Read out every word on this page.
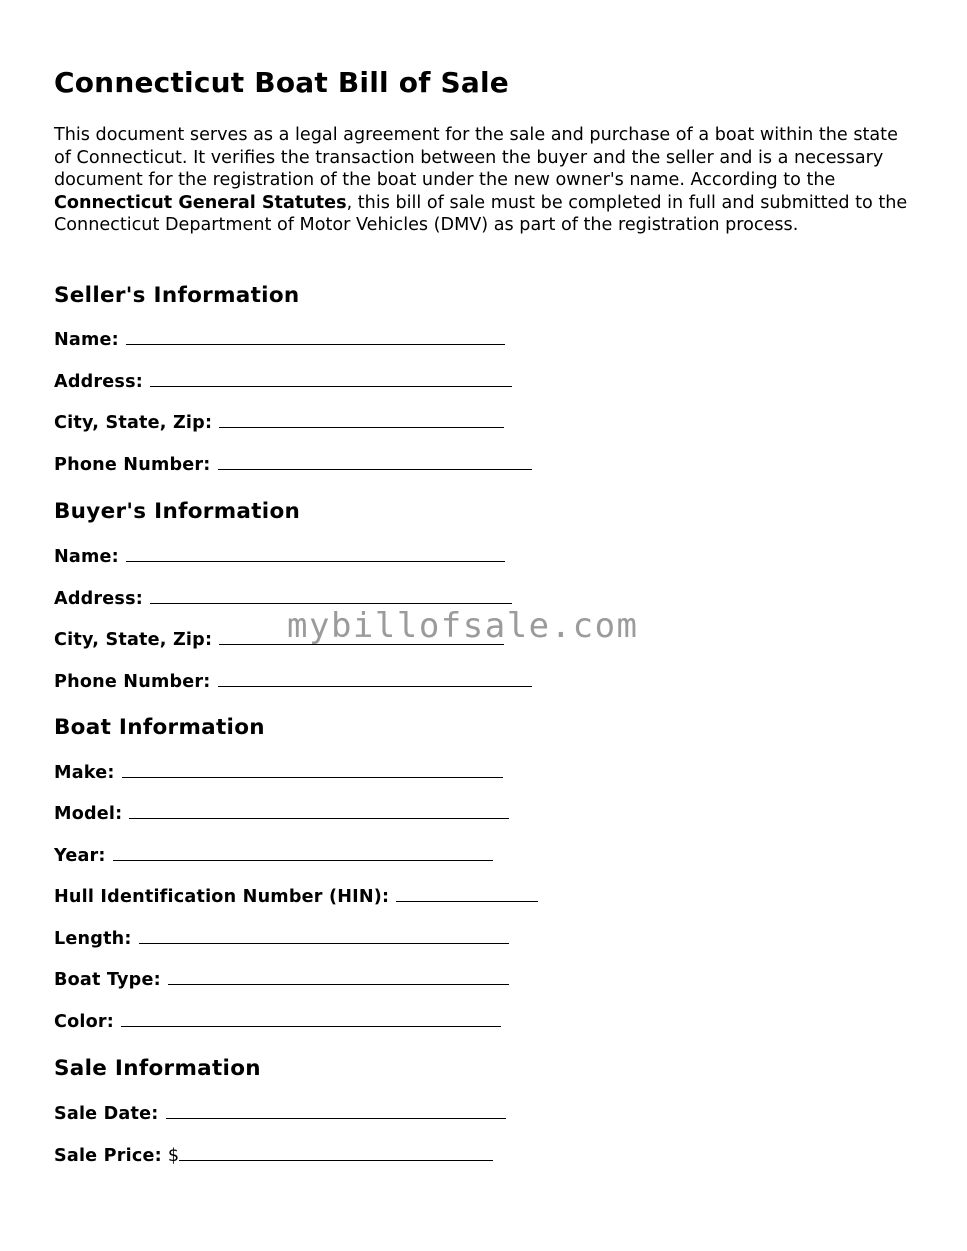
Connecticut Boat Bill of Sale

This document serves as a legal agreement for the sale and purchase of a boat within the state of Connecticut. It verifies the transaction between the buyer and the seller and is a necessary document for the registration of the boat under the new owner's name. According to the Connecticut General Statutes, this bill of sale must be completed in full and submitted to the Connecticut Department of Motor Vehicles (DMV) as part of the registration process.

Seller's Information
Name:
Address:
City, State, Zip:
Phone Number:
Buyer's Information
Name:
Address:
City, State, Zip:
Phone Number:
Boat Information
Make:
Model:
Year:
Hull Identification Number (HIN):
Length:
Boat Type:
Color:
Sale Information
Sale Date:
Sale Price: $
mybillofsale.com
